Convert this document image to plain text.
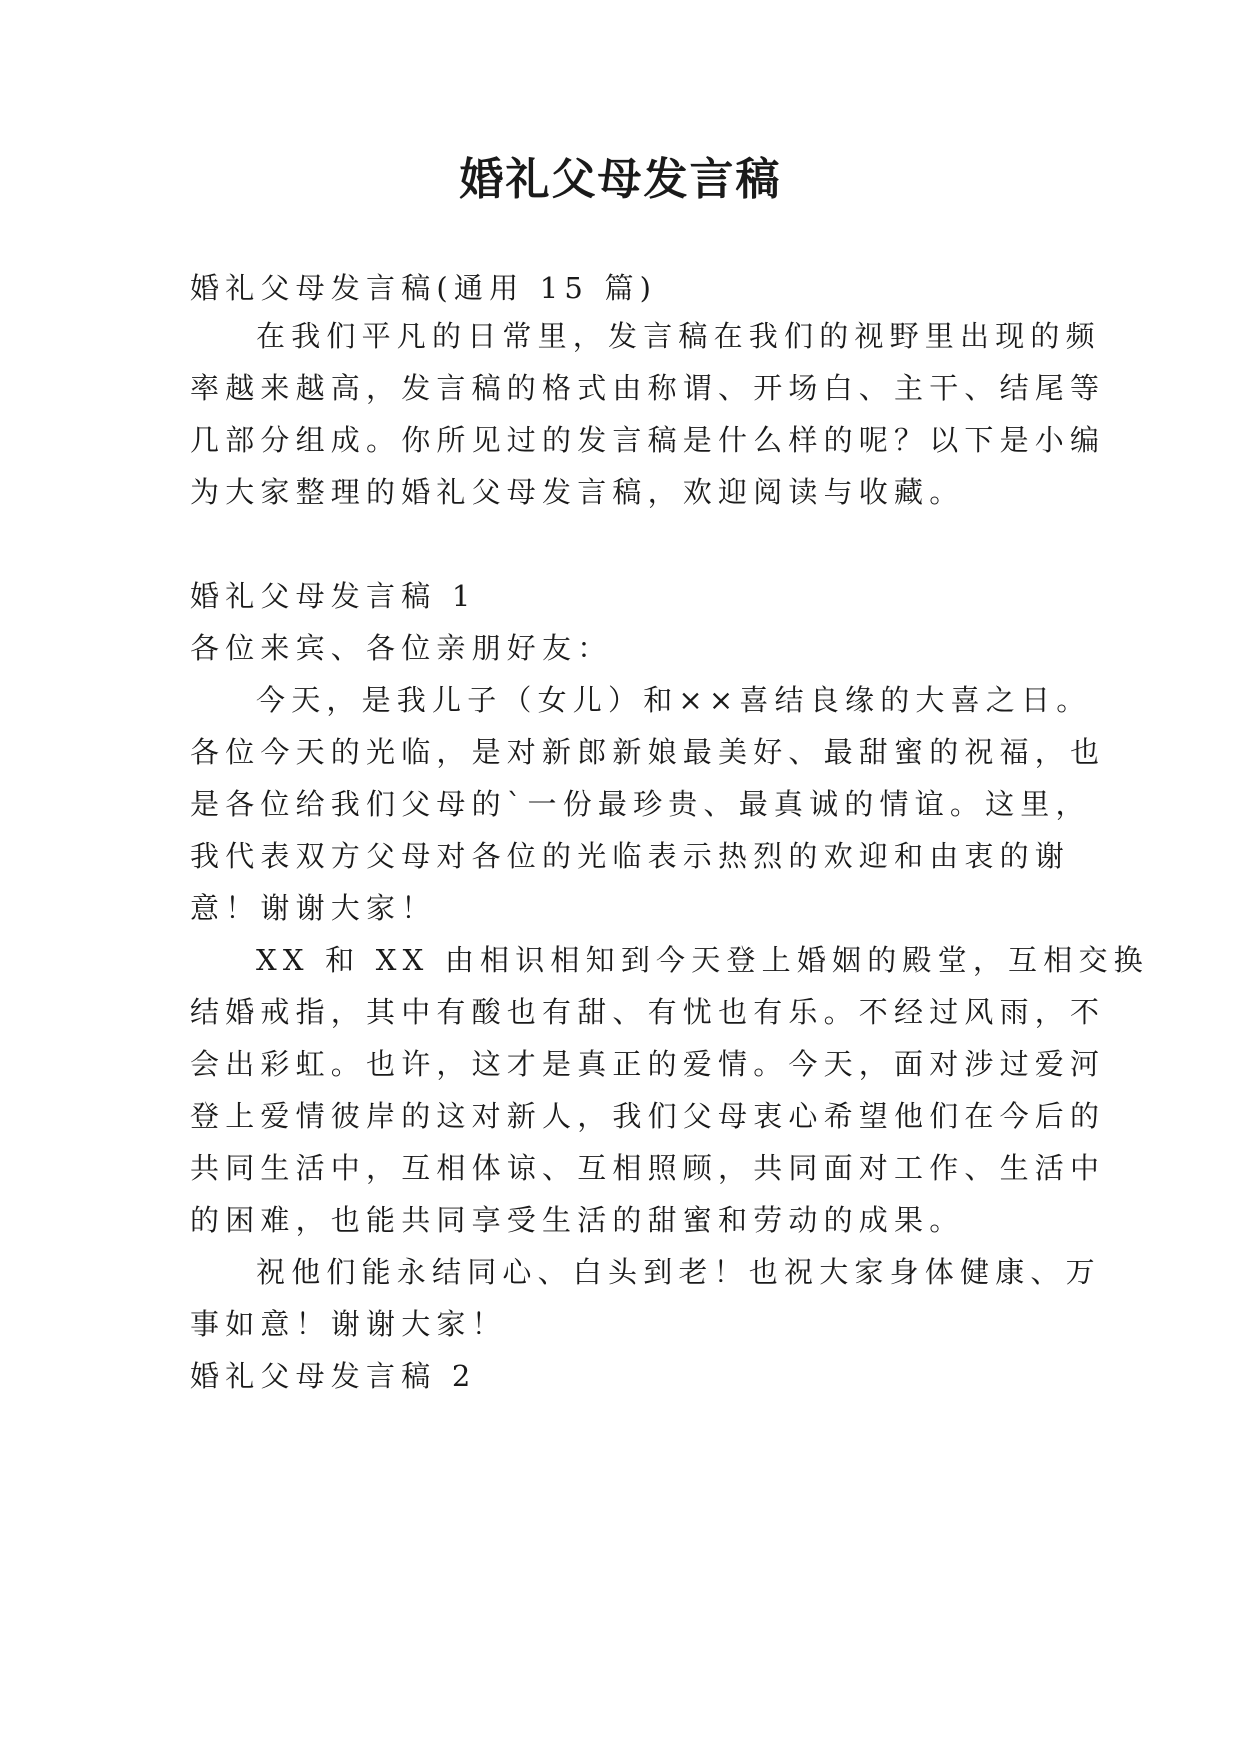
婚礼父母发言稿
婚礼父母发言稿(通用 15 篇)
在我们平凡的日常里，发言稿在我们的视野里出现的频
率越来越高，发言稿的格式由称谓、开场白、主干、结尾等
几部分组成。你所见过的发言稿是什么样的呢？以下是小编
为大家整理的婚礼父母发言稿，欢迎阅读与收藏。
婚礼父母发言稿 1
各位来宾、各位亲朋好友：
今天，是我儿子（女儿）和××喜结良缘的大喜之日。
各位今天的光临，是对新郎新娘最美好、最甜蜜的祝福，也
是各位给我们父母的`一份最珍贵、最真诚的情谊。这里，
我代表双方父母对各位的光临表示热烈的欢迎和由衷的谢
意！谢谢大家！
XX 和 XX 由相识相知到今天登上婚姻的殿堂，互相交换
结婚戒指，其中有酸也有甜、有忧也有乐。不经过风雨，不
会出彩虹。也许，这才是真正的爱情。今天，面对涉过爱河
登上爱情彼岸的这对新人，我们父母衷心希望他们在今后的
共同生活中，互相体谅、互相照顾，共同面对工作、生活中
的困难，也能共同享受生活的甜蜜和劳动的成果。
祝他们能永结同心、白头到老！也祝大家身体健康、万
事如意！谢谢大家！
婚礼父母发言稿 2
